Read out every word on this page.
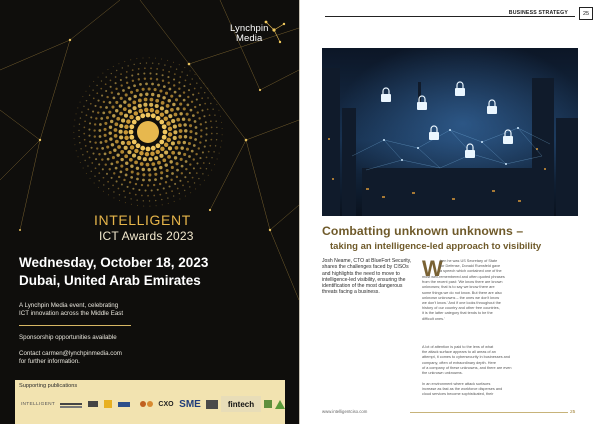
Lynchpin
Media
INTELLIGENT
ICT Awards 2023
Wednesday, October 18, 2023
Dubai, United Arab Emirates
A Lynchpin Media event, celebrating
ICT innovation across the Middle East
Sponsorship opportunities available
Contact carmen@lynchpinmedia.com
for further information.
Supporting publications
INTELLIGENT	CXO SME	fintech
BUSINESS STRATEGY	25
Combatting unknown unknowns –
taking an intelligence-led approach to visibility
Josh Neame, CTO at BlueFort Security,
shares the challenges faced by CISOs
and highlights the need to move to
intelligence-led visibility, ensuring the
identification of the most dangerous
threats facing a business.
W
hen he was US Secretary of State
for Defense, Donald Rumsfeld gave
a speech which contained one of the
most well-remembered and often quoted phrases
from the recent past: 'We know there are known
unknowns; that is to say we know there are
some things we do not know. But there are also
unknown unknowns – the ones we don't know
we don't know.' And if one looks throughout the
history of our country and other free countries,
it is the latter category that tends to be the
difficult ones.'
A lot of attention is paid to the lens of what
the attack surface appears to all areas of an
attempt, it comes to cybersecurity in businesses and
company, often of extraordinary depth. Here
of a company of these unknowns, and there are even
the unknown unknowns.
In an environment where attack surfaces
increase as fast as the workforce disperses and
cloud services become sophisticated, their
www.intelligentciso.com	25
